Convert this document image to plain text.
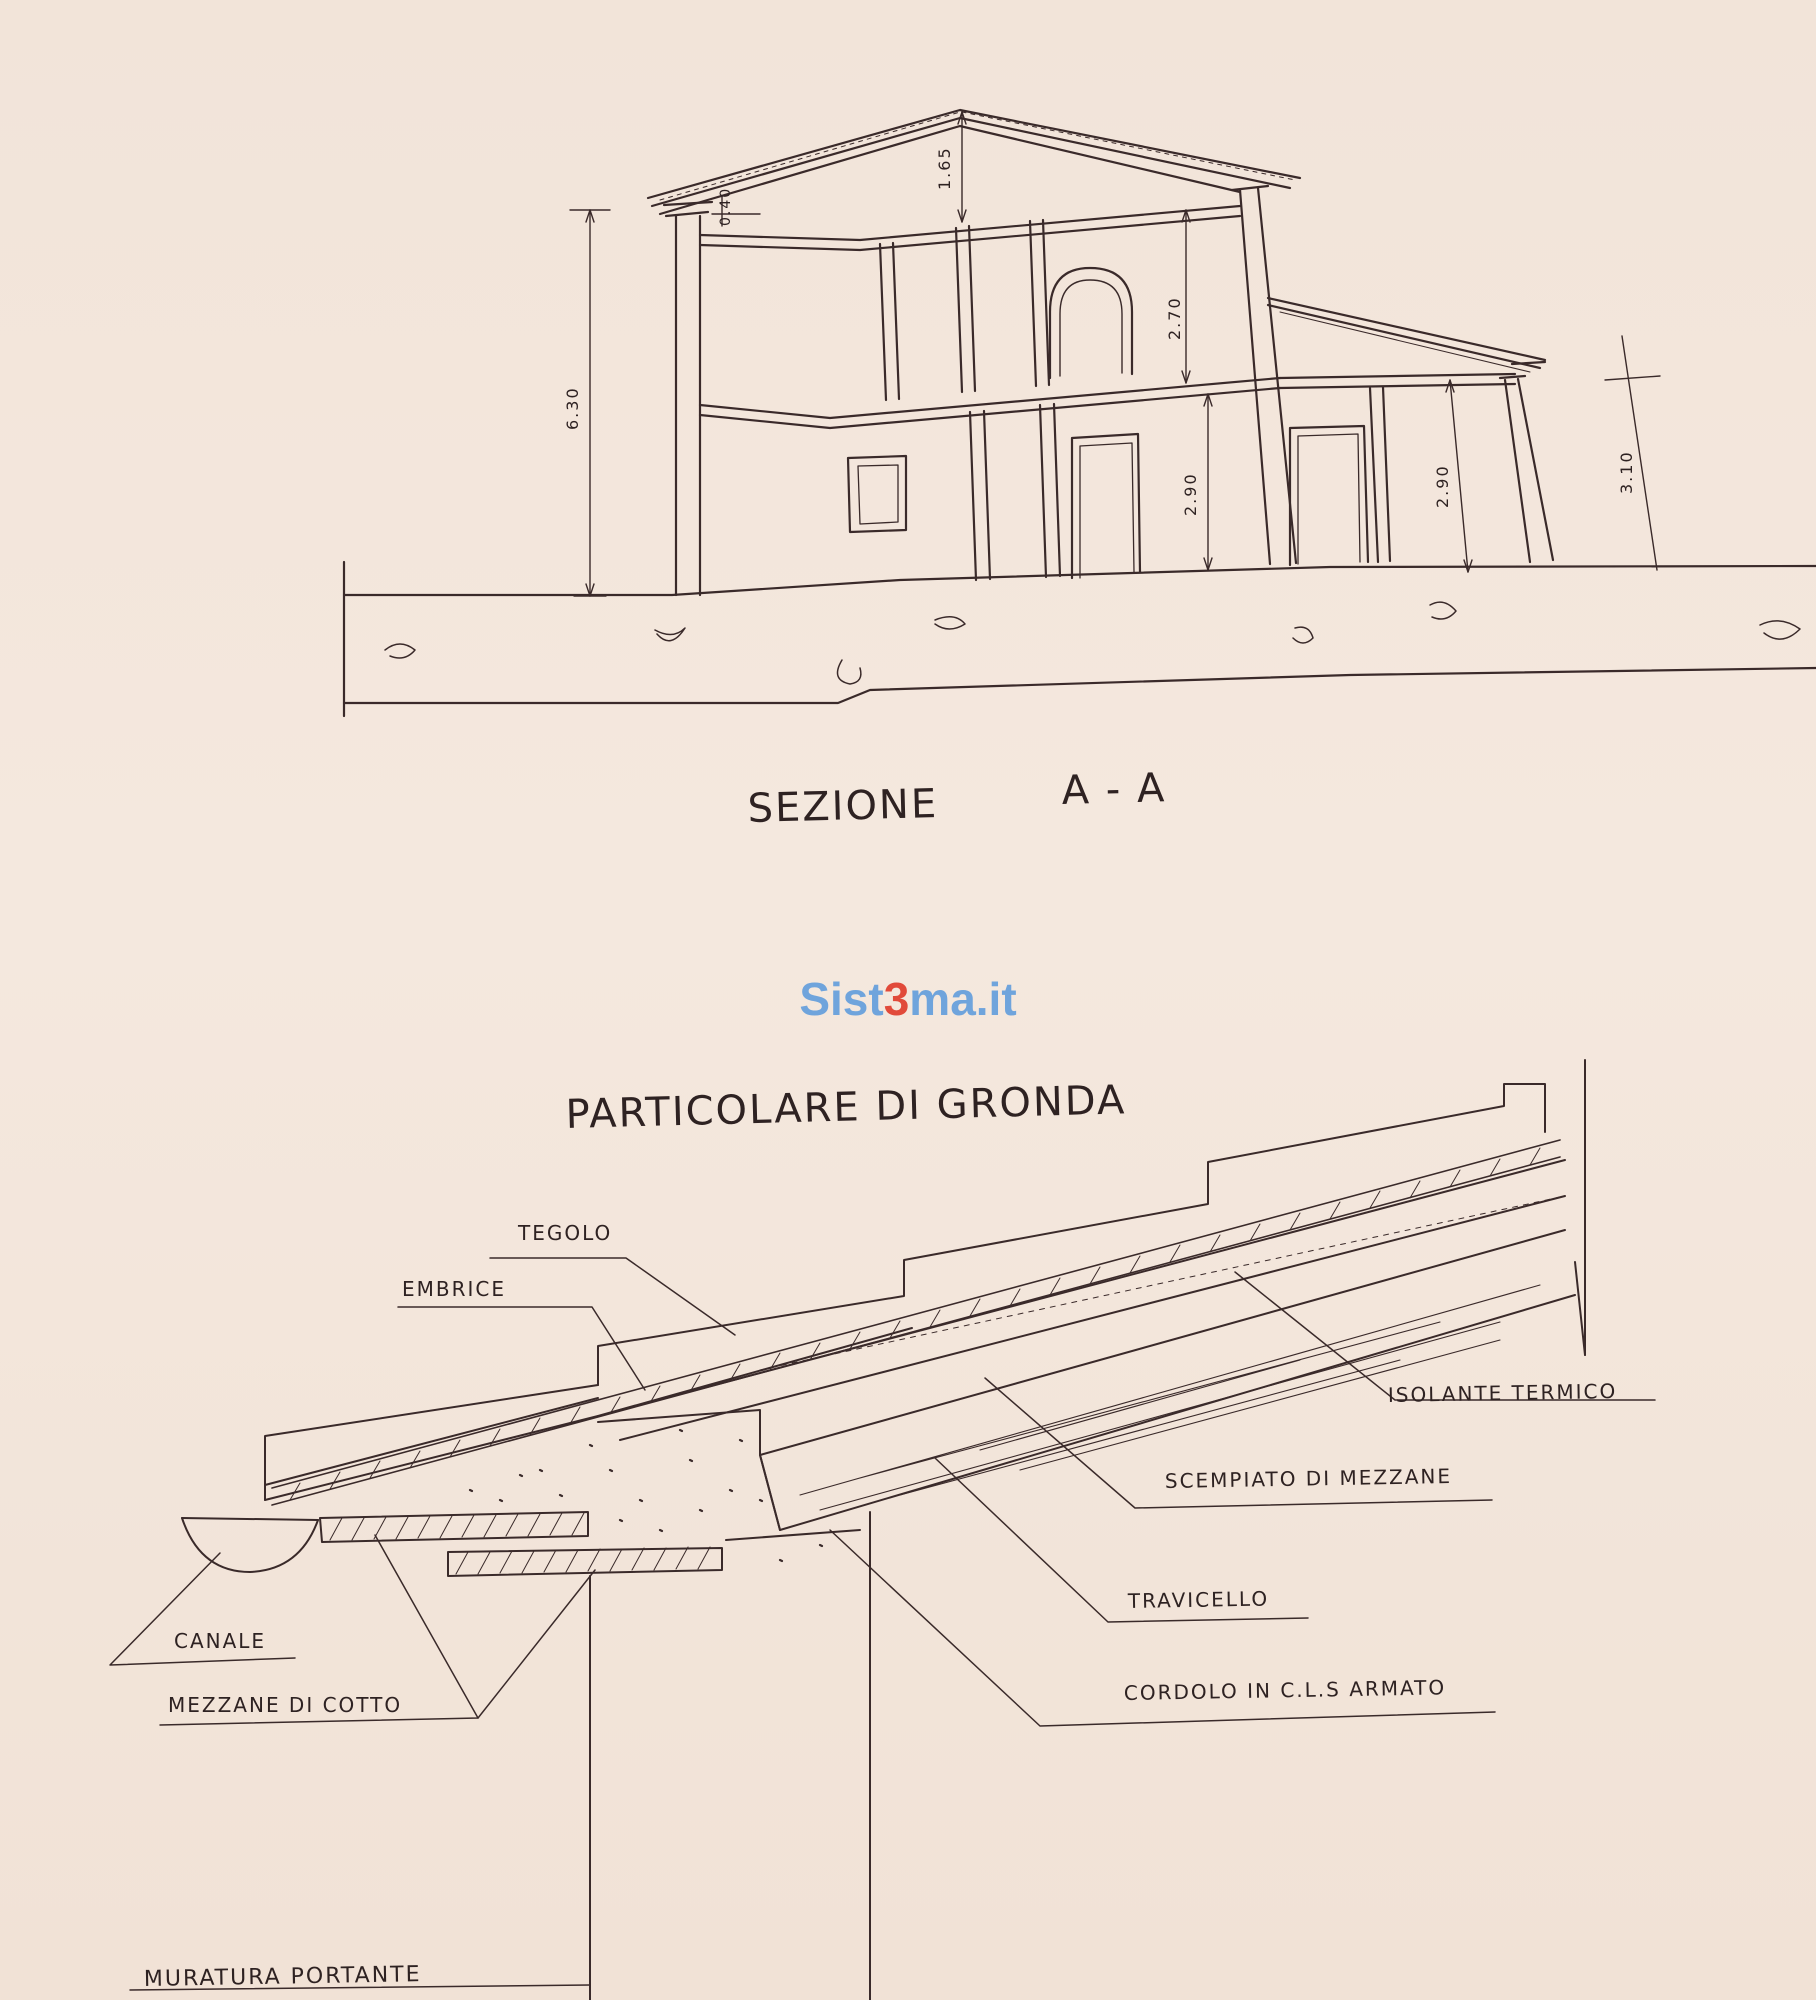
6.30
1.65
0.40
2.70
2.90	2.90	3.10
SEZIONE	A - A
PARTICOLARE DI GRONDA
TEGOLO
EMBRICE
ISOLANTE TERMICO
SCEMPIATO DI MEZZANE
TRAVICELLO
CORDOLO IN C.L.S ARMATO
CANALE
MEZZANE DI COTTO
MURATURA PORTANTE
Sist3ma.it
